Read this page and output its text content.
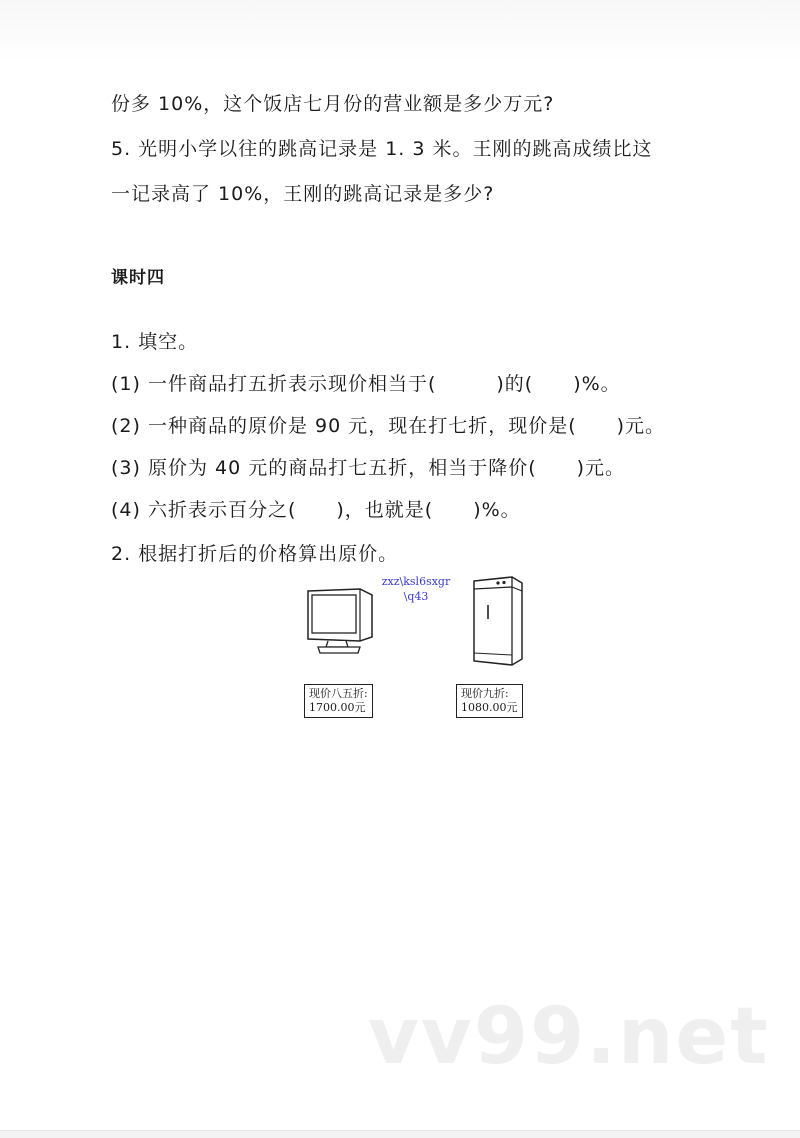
份多 10%，这个饭店七月份的营业额是多少万元?
5. 光明小学以往的跳高记录是 1. 3 米。王刚的跳高成绩比这
一记录高了 10%，王刚的跳高记录是多少?
课时四
1. 填空。
(1) 一件商品打五折表示现价相当于(　　　)的(　　)%。
(2) 一种商品的原价是 90 元，现在打七折，现价是(　　)元。
(3) 原价为 40 元的商品打七五折，相当于降价(　　)元。
(4) 六折表示百分之(　　)，也就是(　　)%。
2. 根据打折后的价格算出原价。
现价八五折:
1700.00元
现价九折:
1080.00元
zxz\ksl6sxgr
\q43
vv99.net
